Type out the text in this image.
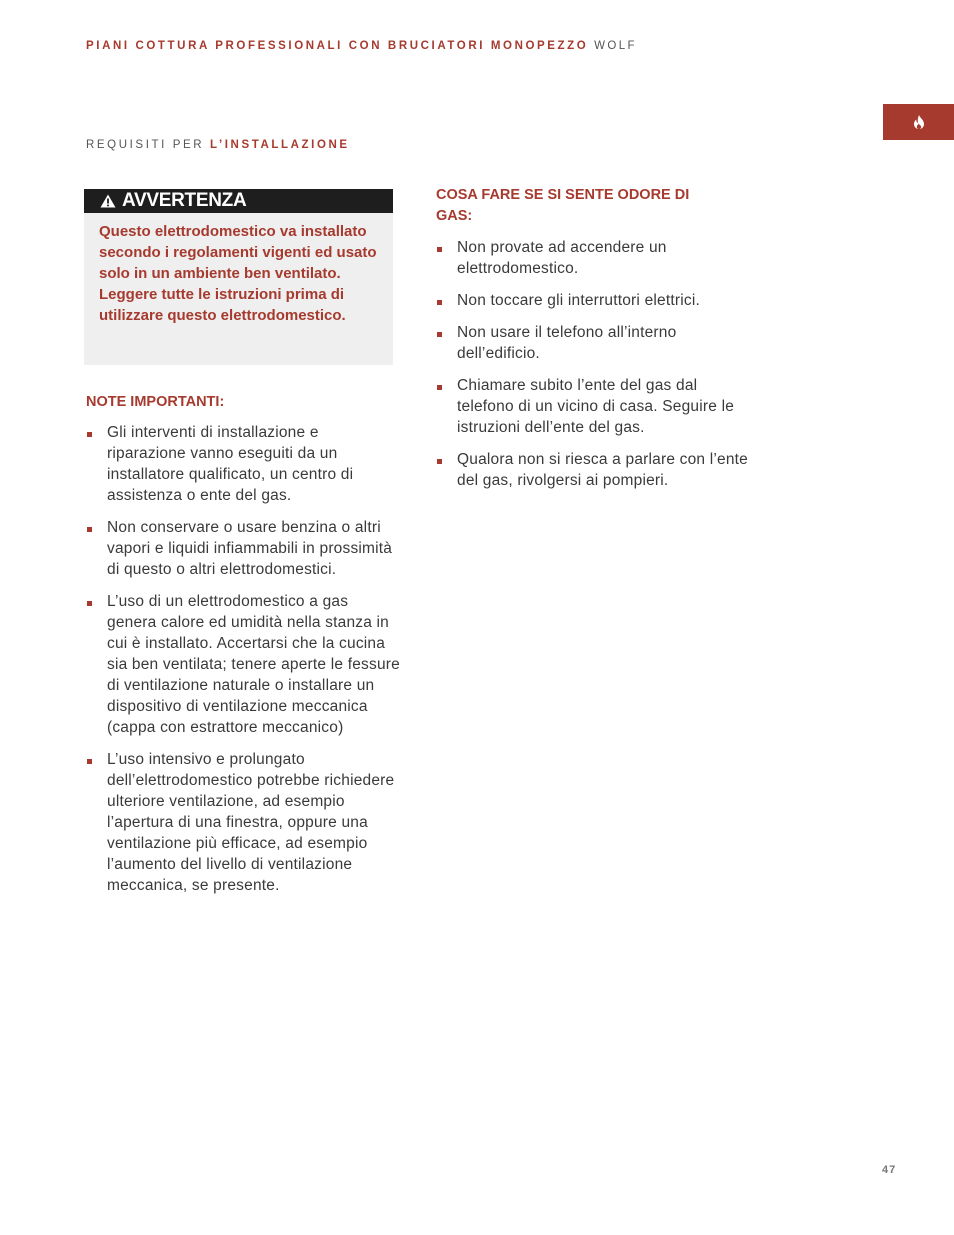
PIANI COTTURA PROFESSIONALI CON BRUCIATORI MONOPEZZO WOLF
REQUISITI PER L’INSTALLAZIONE
AVVERTENZA
Questo elettrodomestico va installato secondo i regolamenti vigenti ed usato solo in un ambiente ben ventilato. Leggere tutte le istruzioni prima di utilizzare questo elettrodomestico.
NOTE IMPORTANTI:
Gli interventi di installazione e riparazione vanno eseguiti da un installatore qualificato, un centro di assistenza o ente del gas.
Non conservare o usare benzina o altri vapori e liquidi infiammabili in prossimità di questo o altri elettrodomestici.
L’uso di un elettrodomestico a gas genera calore ed umidità nella stanza in cui è installato. Accertarsi che la cucina sia ben ventilata; tenere aperte le fessure di ventilazione naturale o installare un dispositivo di ventilazione meccanica (cappa con estrattore meccanico)
L’uso intensivo e prolungato dell’elettrodomestico potrebbe richiedere ulteriore ventilazione, ad esempio l’apertura di una finestra, oppure una ventilazione più efficace, ad esempio l’aumento del livello di ventilazione meccanica, se presente.
COSA FARE SE SI SENTE ODORE DI GAS:
Non provate ad accendere un elettrodomestico.
Non toccare gli interruttori elettrici.
Non usare il telefono all’interno dell’edificio.
Chiamare subito l’ente del gas dal telefono di un vicino di casa. Seguire le istruzioni dell’ente del gas.
Qualora non si riesca a parlare con l’ente del gas, rivolgersi ai pompieri.
47
